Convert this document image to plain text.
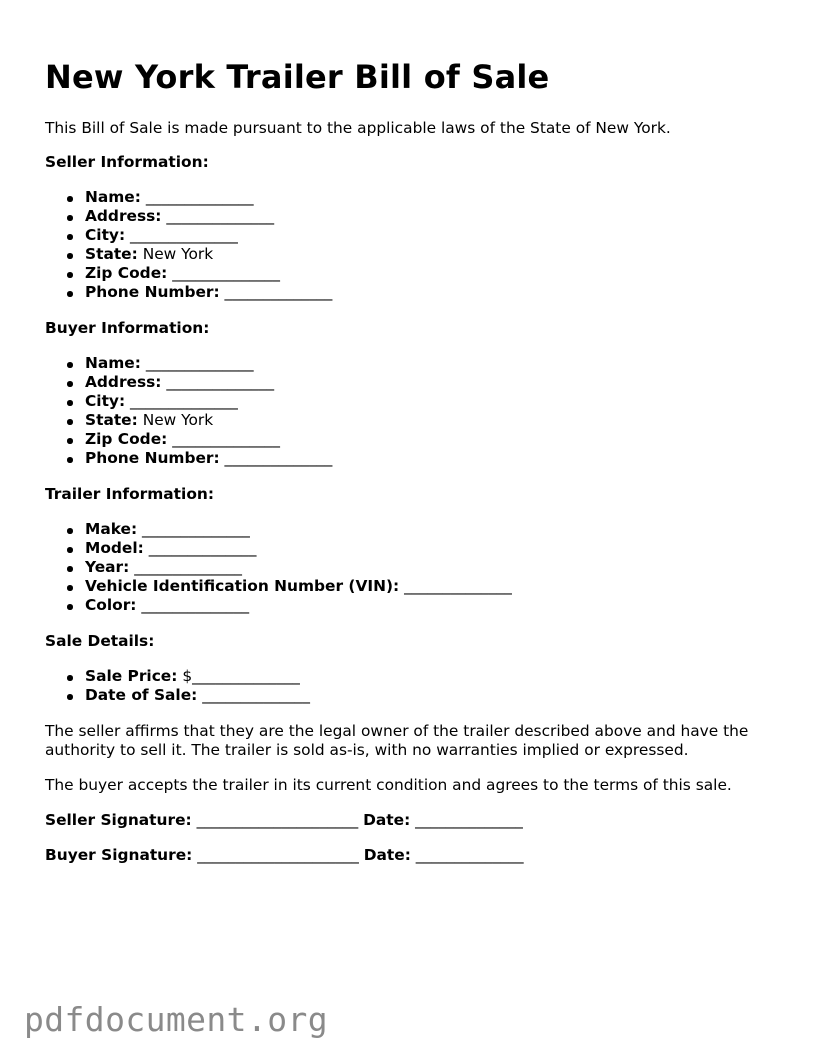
New York Trailer Bill of Sale

This Bill of Sale is made pursuant to the applicable laws of the State of New York.

Seller Information:

Name: ______________
Address: ______________
City: ______________
State: New York
Zip Code: ______________
Phone Number: ______________

Buyer Information:

Name: ______________
Address: ______________
City: ______________
State: New York
Zip Code: ______________
Phone Number: ______________

Trailer Information:

Make: ______________
Model: ______________
Year: ______________
Vehicle Identification Number (VIN): ______________
Color: ______________

Sale Details:

Sale Price: $______________
Date of Sale: ______________

The seller affirms that they are the legal owner of the trailer described above and have the authority to sell it. The trailer is sold as-is, with no warranties implied or expressed.

The buyer accepts the trailer in its current condition and agrees to the terms of this sale.

Seller Signature: _____________________ Date: ______________

Buyer Signature: _____________________ Date: ______________

pdfdocument.org
